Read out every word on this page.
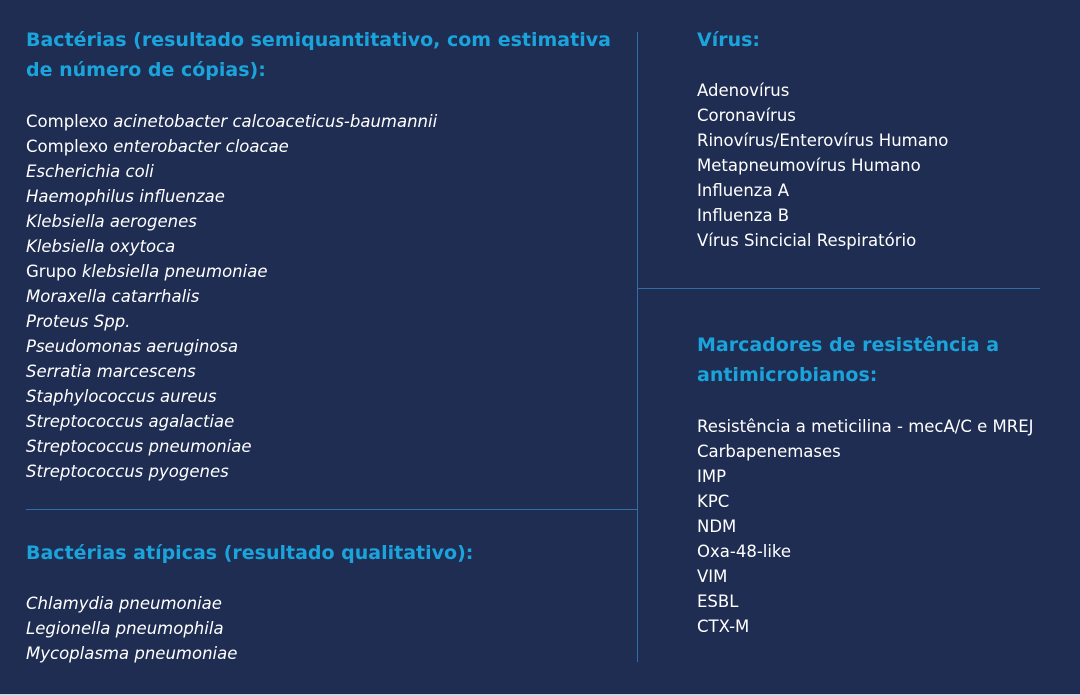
Bactérias (resultado semiquantitativo, com estimativa
de número de cópias):
Complexo acinetobacter calcoaceticus-baumannii
Complexo enterobacter cloacae
Escherichia coli
Haemophilus influenzae
Klebsiella aerogenes
Klebsiella oxytoca
Grupo klebsiella pneumoniae
Moraxella catarrhalis
Proteus Spp.
Pseudomonas aeruginosa
Serratia marcescens
Staphylococcus aureus
Streptococcus agalactiae
Streptococcus pneumoniae
Streptococcus pyogenes
Bactérias atípicas (resultado qualitativo):
Chlamydia pneumoniae
Legionella pneumophila
Mycoplasma pneumoniae
Vírus:
Adenovírus
Coronavírus
Rinovírus/Enterovírus Humano
Metapneumovírus Humano
Influenza A
Influenza B
Vírus Sincicial Respiratório
Marcadores de resistência a
antimicrobianos:
Resistência a meticilina - mecA/C e MREJ
Carbapenemases
IMP
KPC
NDM
Oxa-48-like
VIM
ESBL
CTX-M
